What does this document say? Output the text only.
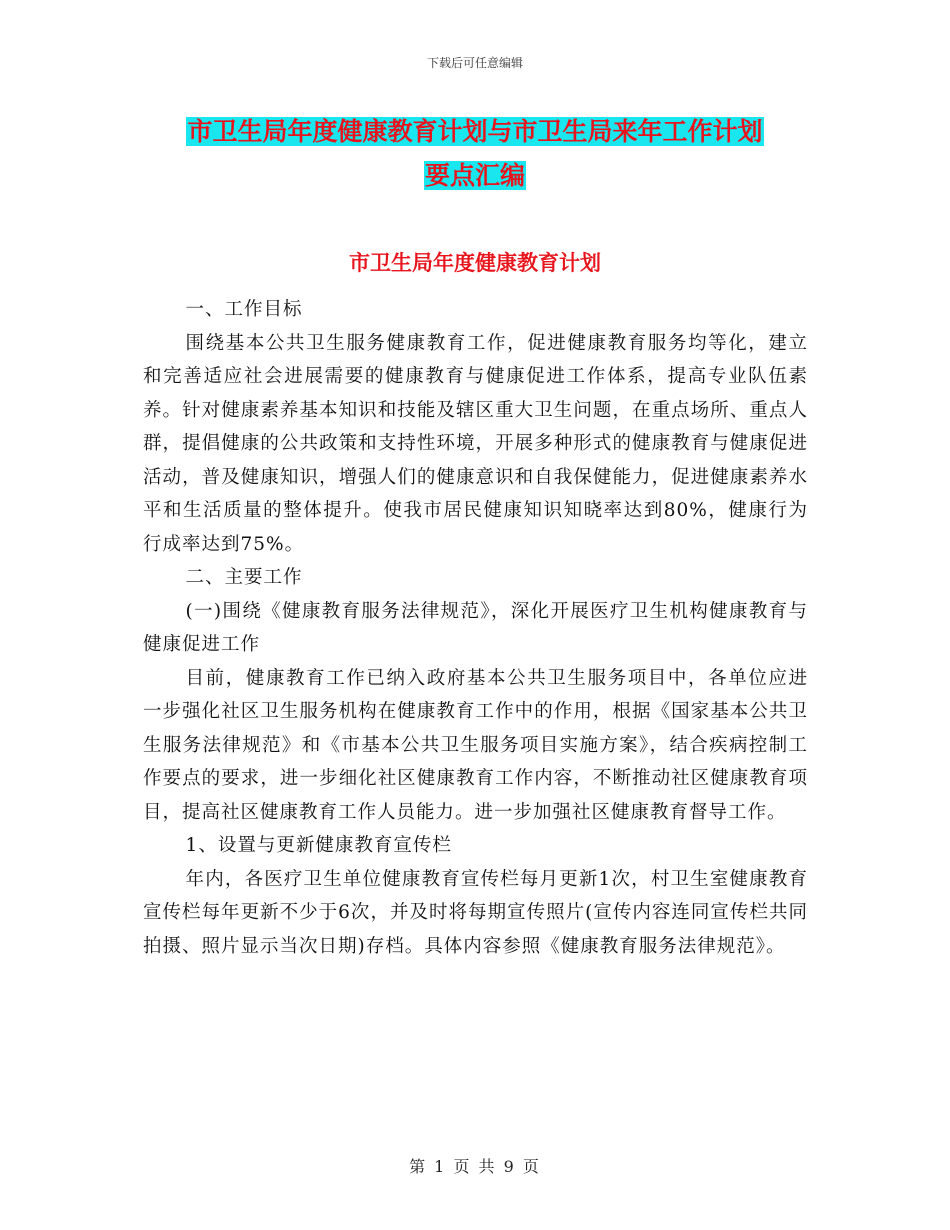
下载后可任意编辑
市卫生局年度健康教育计划与市卫生局来年工作计划
要点汇编
市卫生局年度健康教育计划

一、工作目标

围绕基本公共卫生服务健康教育工作，促进健康教育服务均等化，建立和完善适应社会进展需要的健康教育与健康促进工作体系，提高专业队伍素养。针对健康素养基本知识和技能及辖区重大卫生问题，在重点场所、重点人群，提倡健康的公共政策和支持性环境，开展多种形式的健康教育与健康促进活动，普及健康知识，增强人们的健康意识和自我保健能力，促进健康素养水平和生活质量的整体提升。使我市居民健康知识知晓率达到80%，健康行为行成率达到75%。

二、主要工作

(一)围绕《健康教育服务法律规范》，深化开展医疗卫生机构健康教育与健康促进工作

目前，健康教育工作已纳入政府基本公共卫生服务项目中，各单位应进一步强化社区卫生服务机构在健康教育工作中的作用，根据《国家基本公共卫生服务法律规范》和《市基本公共卫生服务项目实施方案》，结合疾病控制工作要点的要求，进一步细化社区健康教育工作内容，不断推动社区健康教育项目，提高社区健康教育工作人员能力。进一步加强社区健康教育督导工作。

1、设置与更新健康教育宣传栏

年内，各医疗卫生单位健康教育宣传栏每月更新1次，村卫生室健康教育宣传栏每年更新不少于6次，并及时将每期宣传照片(宣传内容连同宣传栏共同拍摄、照片显示当次日期)存档。具体内容参照《健康教育服务法律规范》。

第 1 页 共 9 页
